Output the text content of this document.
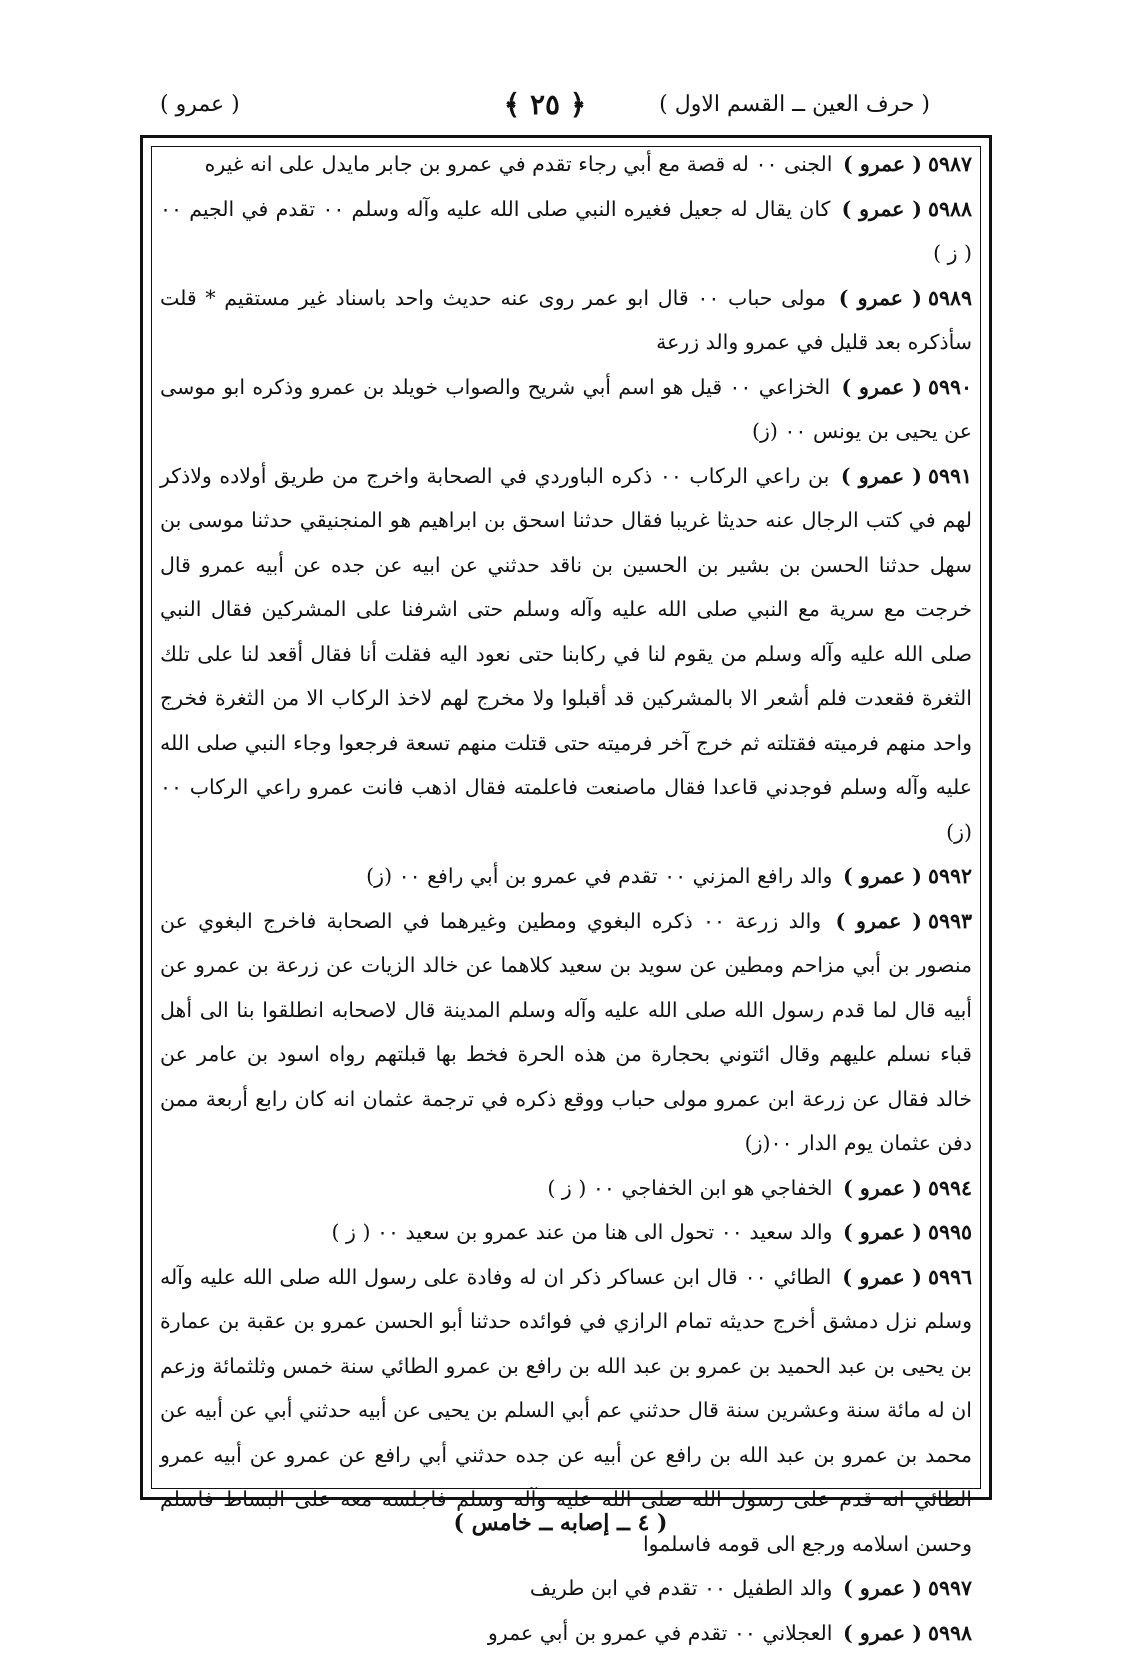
( حرف العين ــ القسم الاول )
﴿ ٢٥ ﴾
( عمرو )

٥٩٨٧( عمرو ) الجنى ٠٠ له قصة مع أبي رجاء تقدم في عمرو بن جابر مايدل على انه غيره

٥٩٨٨( عمرو ) كان يقال له جعيل فغيره النبي صلى الله عليه وآله وسلم ٠٠ تقدم في الجيم ٠٠ ( ز )

٥٩٨٩( عمرو ) مولى حباب ٠٠ قال ابو عمر روى عنه حديث واحد باسناد غير مستقيم * قلت سأذكره بعد قليل في عمرو والد زرعة

٥٩٩٠( عمرو ) الخزاعي ٠٠ قيل هو اسم أبي شريح والصواب خويلد بن عمرو وذكره ابو موسى عن يحيى بن يونس ٠٠ (ز)

٥٩٩١( عمرو ) بن راعي الركاب ٠٠ ذكره الباوردي في الصحابة واخرج من طريق أولاده ولاذكر لهم في كتب الرجال عنه حديثا غريبا فقال حدثنا اسحق بن ابراهيم هو المنجنيقي حدثنا موسى بن سهل حدثنا الحسن بن بشير بن الحسين بن ناقد حدثني عن ابيه عن جده عن أبيه عمرو قال خرجت مع سرية مع النبي صلى الله عليه وآله وسلم حتى اشرفنا على المشركين فقال النبي صلى الله عليه وآله وسلم من يقوم لنا في ركابنا حتى نعود اليه فقلت أنا فقال أقعد لنا على تلك الثغرة فقعدت فلم أشعر الا بالمشركين قد أقبلوا ولا مخرج لهم لاخذ الركاب الا من الثغرة فخرج واحد منهم فرميته فقتلته ثم خرج آخر فرميته حتى قتلت منهم تسعة فرجعوا وجاء النبي صلى الله عليه وآله وسلم فوجدني قاعدا فقال ماصنعت فاعلمته فقال اذهب فانت عمرو راعي الركاب ٠٠ (ز)

٥٩٩٢( عمرو ) والد رافع المزني ٠٠ تقدم في عمرو بن أبي رافع ٠٠ (ز)

٥٩٩٣( عمرو ) والد زرعة ٠٠ ذكره البغوي ومطين وغيرهما في الصحابة فاخرج البغوي عن منصور بن أبي مزاحم ومطين عن سويد بن سعيد كلاهما عن خالد الزيات عن زرعة بن عمرو عن أبيه قال لما قدم رسول الله صلى الله عليه وآله وسلم المدينة قال لاصحابه انطلقوا بنا الى أهل قباء نسلم عليهم وقال ائتوني بحجارة من هذه الحرة فخط بها قبلتهم رواه اسود بن عامر عن خالد فقال عن زرعة ابن عمرو مولى حباب ووقع ذكره في ترجمة عثمان انه كان رابع أربعة ممن دفن عثمان يوم الدار ٠٠(ز)

٥٩٩٤( عمرو ) الخفاجي هو ابن الخفاجي ٠٠ ( ز )

٥٩٩٥( عمرو ) والد سعيد ٠٠ تحول الى هنا من عند عمرو بن سعيد ٠٠ ( ز )

٥٩٩٦( عمرو ) الطائي ٠٠ قال ابن عساكر ذكر ان له وفادة على رسول الله صلى الله عليه وآله وسلم نزل دمشق أخرج حديثه تمام الرازي في فوائده حدثنا أبو الحسن عمرو بن عقبة بن عمارة بن يحيى بن عبد الحميد بن عمرو بن عبد الله بن رافع بن عمرو الطائي سنة خمس وثلثمائة وزعم ان له مائة سنة وعشرين سنة قال حدثني عم أبي السلم بن يحيى عن أبيه حدثني أبي عن أبيه عن محمد بن عمرو بن عبد الله بن رافع عن أبيه عن جده حدثني أبي رافع عن عمرو عن أبيه عمرو الطائي انه قدم على رسول الله صلى الله عليه وآله وسلم فاجلسه معه على البساط فاسلم وحسن اسلامه ورجع الى قومه فاسلموا

٥٩٩٧( عمرو ) والد الطفيل ٠٠ تقدم في ابن طريف

٥٩٩٨( عمرو ) العجلاني ٠٠ تقدم في عمرو بن أبي عمرو

( ٤ ــ إصابه ــ خامس )
